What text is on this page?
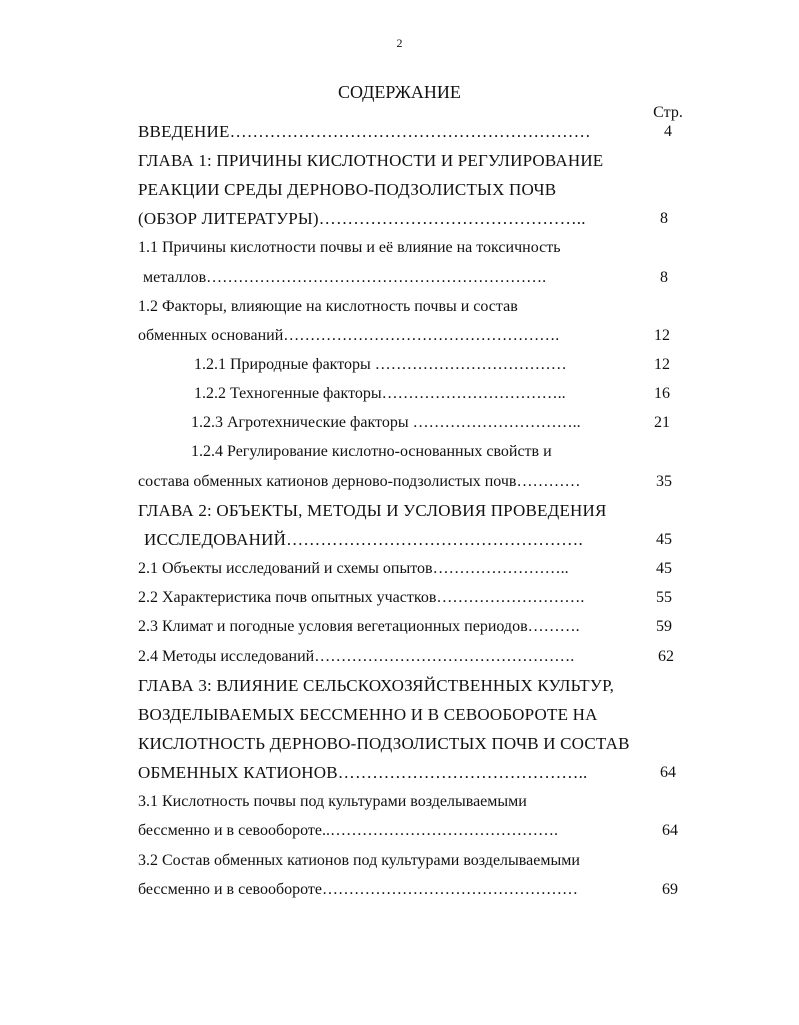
2
СОДЕРЖАНИЕ
Стр.
ВВЕДЕНИЕ………………………………………………………	4
ГЛАВА 1: ПРИЧИНЫ КИСЛОТНОСТИ И РЕГУЛИРОВАНИЕ
РЕАКЦИИ СРЕДЫ ДЕРНОВО-ПОДЗОЛИСТЫХ ПОЧВ
(ОБЗОР ЛИТЕРАТУРЫ)………………………………………..	8
1.1 Причины кислотности почвы и её влияние на токсичность
металлов……………………………………………………….	8
1.2 Факторы, влияющие на кислотность почвы и состав
обменных оснований…………………………………………….	12
1.2.1 Природные факторы ………………………………	12
1.2.2 Техногенные факторы……………………………..	16
1.2.3 Агротехнические факторы …………………………..	21
1.2.4 Регулирование кислотно-основанных свойств и
состава обменных катионов дерново-подзолистых почв…………	35
ГЛАВА 2: ОБЪЕКТЫ, МЕТОДЫ И УСЛОВИЯ ПРОВЕДЕНИЯ
ИССЛЕДОВАНИЙ…………………………………………….	45
2.1 Объекты исследований и схемы опытов……………………..	45
2.2 Характеристика почв опытных участков……………………….	55
2.3 Климат и погодные условия вегетационных периодов……….	59
2.4 Методы исследований………………………………………….	62
ГЛАВА 3: ВЛИЯНИЕ СЕЛЬСКОХОЗЯЙСТВЕННЫХ КУЛЬТУР,
ВОЗДЕЛЫВАЕМЫХ БЕССМЕННО И В СЕВООБОРОТЕ НА
КИСЛОТНОСТЬ ДЕРНОВО-ПОДЗОЛИСТЫХ ПОЧВ И СОСТАВ
ОБМЕННЫХ КАТИОНОВ……………………………………..	64
3.1 Кислотность почвы под культурами возделываемыми
бессменно и в севообороте..…………………………………….	64
3.2 Состав обменных катионов под культурами возделываемыми
бессменно и в севообороте…………………………………………	69
